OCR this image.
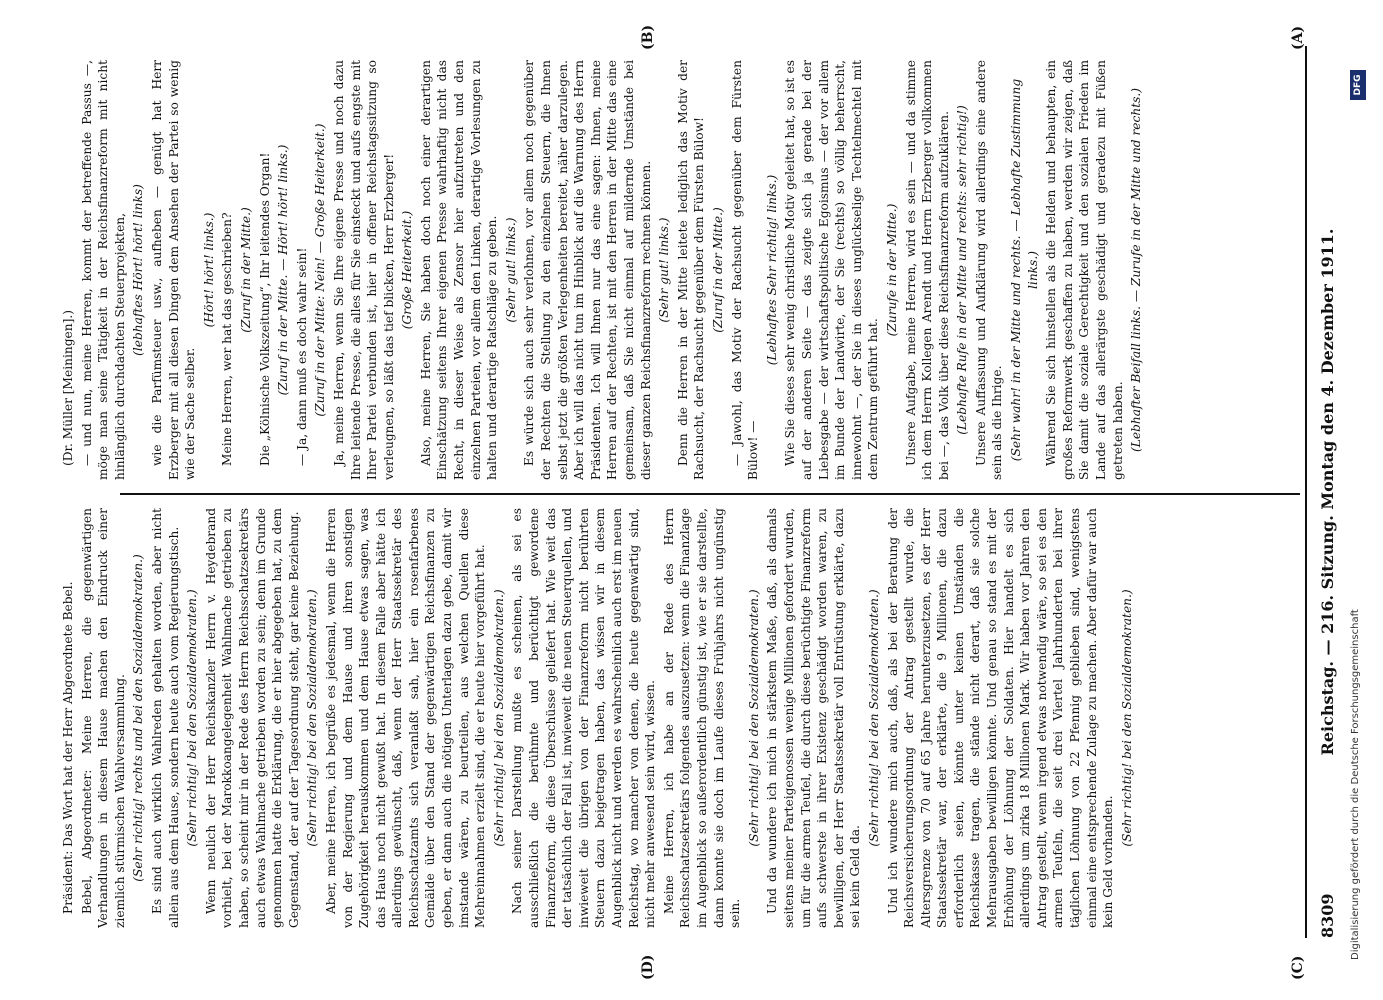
8309
Reichstag. — 216. Sitzung. Montag den 4. Dezember 1911.
(C)
(D)
(A)
(B)

Präsident: Das Wort hat der Herr Abgeordnete Bebel. Bebel, Abgeordneter: Meine Herren, die gegenwärtigen Verhandlungen in diesem Hause machen den Eindruck einer ziemlich stürmischen Wahlversammlung. (Sehr richtig! rechts und bei den Sozialdemokraten.) Es sind auch wirklich Wahlreden gehalten worden, aber nicht allein aus dem Hause, sondern heute auch vom Regierungstisch. (Sehr richtig! bei den Sozialdemokraten.) Wenn neulich der Herr Reichskanzler Herrn v. Heydebrand vorhielt, bei der Marokkoangelegenheit Wahlmache getrieben zu haben, so scheint mir in der Rede des Herrn Reichsschatzsekretärs auch etwas Wahlmache getrieben worden zu sein; denn im Grunde genommen hatte die Erklärung, die er hier abgegeben hat, zu dem Gegenstand, der auf der Tagesordnung steht, gar keine Beziehung. (Sehr richtig! bei den Sozialdemokraten.) Aber, meine Herren, ich begrüße es jedesmal, wenn die Herren von der Regierung und dem Hause und ihren sonstigen Zugehörigkeit herauskommen und dem Hause etwas sagen, was das Haus noch nicht gewußt hat. In diesem Falle aber hätte ich allerdings gewünscht, daß, wenn der Herr Staatssekretär des Reichsschatzamts sich veranlaßt sah, hier ein rosenfarbenes Gemälde über den Stand der gegenwärtigen Reichsfinanzen zu geben, er dann auch die nötigen Unterlagen dazu gebe, damit wir imstande wären, zu beurteilen, aus welchen Quellen diese Mehreinnahmen erzielt sind, die er heute hier vorgeführt hat. (Sehr richtig! bei den Sozialdemokraten.) Nach seiner Darstellung mußte es scheinen, als sei es ausschließlich die berühmte und berüchtigt gewordene Finanzreform, die diese Überschüsse geliefert hat. Wie weit das der tatsächlich der Fall ist, inwieweit die neuen Steuerquellen, und inwieweit die übrigen von der Finanzreform nicht berührten Steuern dazu beigetragen haben, das wissen wir in diesem Augenblick nicht und werden es wahrscheinlich auch erst im neuen Reichstag, wo mancher von denen, die heute gegenwärtig sind, nicht mehr anwesend sein wird, wissen. Meine Herren, ich habe an der Rede des Herrn Reichsschatzsekretärs folgendes auszusetzen: wenn die Finanzlage im Augenblick so außerordentlich günstig ist, wie er sie darstellte, dann konnte sie doch im Laufe dieses Frühjahrs nicht ungünstig sein.

(Sehr richtig! bei den Sozialdemokraten.) Und da wundere ich mich in stärkstem Maße, daß, als damals seitens meiner Parteigenossen wenige Millionen gefordert wurden, um für die armen Teufel, die durch diese berüchtigte Finanzreform aufs schwerste in ihrer Existenz geschädigt worden waren, zu bewilligen, der Herr Staatssekretär voll Entrüstung erklärte, dazu sei kein Geld da.

(Sehr richtig! bei den Sozialdemokraten.) Und ich wundere mich auch, daß, als bei der Beratung der Reichsversicherungsordnung der Antrag gestellt wurde, die Altersgrenze von 70 auf 65 Jahre herunterzusetzen, es der Herr Staatssekretär war, der erklärte, die 9 Millionen, die dazu erforderlich seien, könnte unter keinen Umständen die Reichskasse tragen, die stände nicht derart, daß sie solche Mehrausgaben bewilligen könnte. Und genau so stand es mit der Erhöhung der Löhnung der Soldaten. Hier handelt es sich allerdings um zirka 18 Millionen Mark. Wir haben vor Jahren den Antrag gestellt, wenn irgend etwas notwendig wäre, so sei es den armen Teufeln, die seit drei Viertel Jahrhunderten bei ihrer täglichen Löhnung von 22 Pfennig geblieben sind, wenigstens einmal eine entsprechende Zulage zu machen. Aber dafür war auch kein Geld vorhanden.

(Sehr richtig! bei den Sozialdemokraten.)

(Dr. Müller [Meiningen].) — und nun, meine Herren, kommt der betreffende Passus —, möge man seine Tätigkeit in der Reichsfinanzreform mit nicht hinlänglich durchdachten Steuerprojekten, (lebhaftes Hört! hört! links) wie die Parfümsteuer usw., aufheben — genügt hat Herr Erzberger mit all diesen Dingen dem Ansehen der Partei so wenig wie der Sache selber.

(Hört! hört! links.) Meine Herren, wer hat das geschrieben? (Zuruf in der Mitte.) Die „Kölnische Volkszeitung“, Ihr leitendes Organ! (Zuruf in der Mitte. — Hört! hört! links.) — Ja, dann muß es doch wahr sein! (Zuruf in der Mitte: Nein! — Große Heiterkeit.) Ja, meine Herren, wenn Sie Ihre eigene Presse und noch dazu Ihre leitende Presse, die alles für Sie einsteckt und aufs engste mit Ihrer Partei verbunden ist, hier in offener Reichstagssitzung so verleugnen, so läßt das tief blicken, Herr Erzberger! (Große Heiterkeit.) Also, meine Herren, Sie haben doch noch einer derartigen Einschätzung seitens Ihrer eigenen Presse wahrhaftig nicht das Recht, in dieser Weise als Zensor hier aufzutreten und den einzelnen Parteien, vor allem den Linken, derartige Vorlesungen zu halten und derartige Ratschläge zu geben. (Sehr gut! links.) Es würde sich auch sehr verlohnen, vor allem noch gegenüber der Rechten die Stellung zu den einzelnen Steuern, die Ihnen selbst jetzt die größten Verlegenheiten bereitet, näher darzulegen. Aber ich will das nicht tun im Hinblick auf die Warnung des Herrn Präsidenten. Ich will Ihnen nur das eine sagen: Ihnen, meine Herren auf der Rechten, ist mit den Herren in der Mitte das eine gemeinsam, daß Sie nicht einmal auf mildernde Umstände bei dieser ganzen Reichsfinanzreform rechnen können. (Sehr gut! links.) Denn die Herren in der Mitte leitete lediglich das Motiv der Rachsucht, der Rachsucht gegenüber dem Fürsten Bülow! (Zuruf in der Mitte.) — Jawohl, das Motiv der Rachsucht gegenüber dem Fürsten Bülow! —

(Lebhaftes Sehr richtig! links.) Wie Sie dieses sehr wenig christliche Motiv geleitet hat, so ist es auf der anderen Seite — das zeigte sich ja gerade bei der Liebesgabe — der wirtschaftspolitische Egoismus — der vor allem im Bunde der Landwirte, der Sie (rechts) so völlig beherrscht, innewohnt —, der Sie in dieses unglückselige Techtelmechtel mit dem Zentrum geführt hat.

(Zurufe in der Mitte.) Unsere Aufgabe, meine Herren, wird es sein — und da stimme ich dem Herrn Kollegen Arendt und Herrn Erzberger vollkommen bei —, das Volk über diese Reichsfinanzreform aufzuklären. (Lebhafte Rufe in der Mitte und rechts: sehr richtig!) Unsere Auffassung und Aufklärung wird allerdings eine andere sein als die Ihrige. (Sehr wahr! in der Mitte und rechts. — Lebhafte Zustimmung links.) Während Sie sich hinstellen als die Helden und behaupten, ein großes Reformwerk geschaffen zu haben, werden wir zeigen, daß Sie damit die soziale Gerechtigkeit und den sozialen Frieden im Lande auf das allerärgste geschädigt und geradezu mit Füßen getreten haben. (Lebhafter Beifall links. — Zurufe in der Mitte und rechts.)

Digitalisierung gefördert durch die Deutsche Forschungsgemeinschaft
DFG
